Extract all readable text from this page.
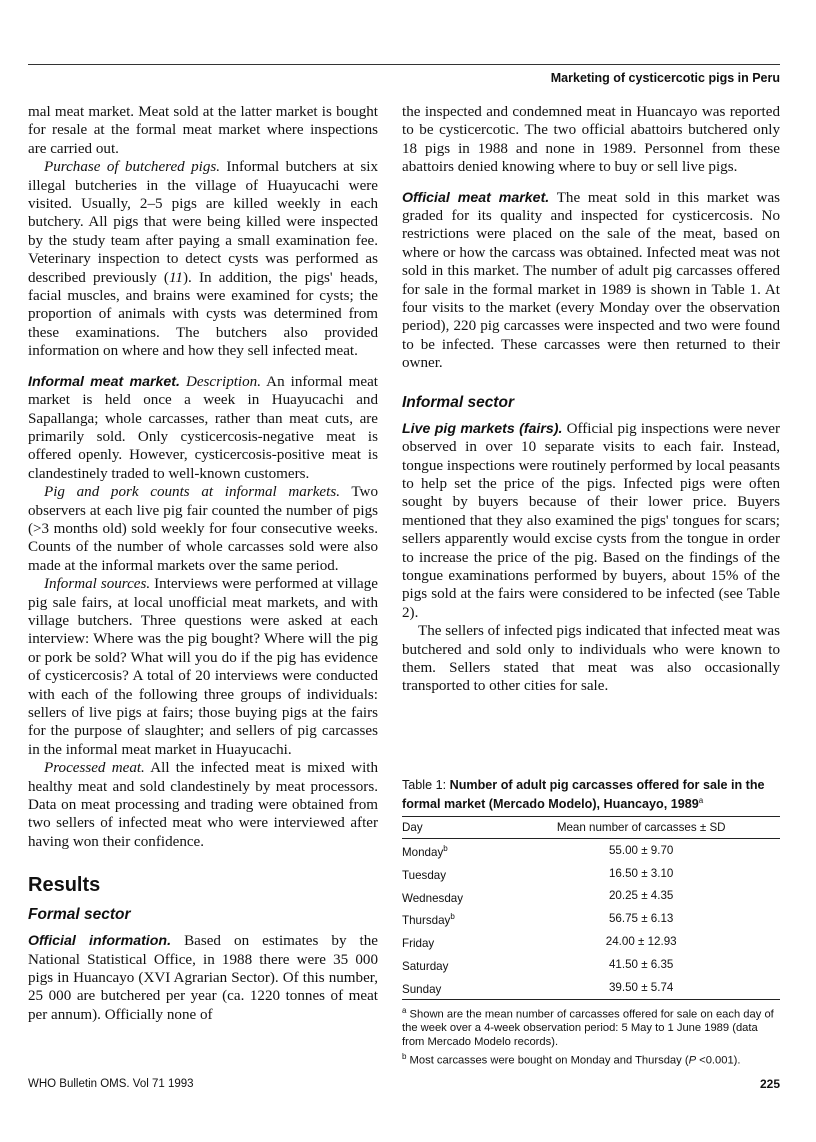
Marketing of cysticercotic pigs in Peru

mal meat market. Meat sold at the latter market is bought for resale at the formal meat market where inspections are carried out.

Purchase of butchered pigs. Informal butchers at six illegal butcheries in the village of Huayucachi were visited. Usually, 2–5 pigs are killed weekly in each butchery. All pigs that were being killed were inspected by the study team after paying a small examination fee. Veterinary inspection to detect cysts was performed as described previously (11). In addition, the pigs' heads, facial muscles, and brains were examined for cysts; the proportion of animals with cysts was determined from these examinations. The butchers also provided information on where and how they sell infected meat.

Informal meat market. Description. An informal meat market is held once a week in Huayucachi and Sapallanga; whole carcasses, rather than meat cuts, are primarily sold. Only cysticercosis-negative meat is offered openly. However, cysticercosis-positive meat is clandestinely traded to well-known customers.

Pig and pork counts at informal markets. Two observers at each live pig fair counted the number of pigs (>3 months old) sold weekly for four consecutive weeks. Counts of the number of whole carcasses sold were also made at the informal markets over the same period.

Informal sources. Interviews were performed at village pig sale fairs, at local unofficial meat markets, and with village butchers. Three questions were asked at each interview: Where was the pig bought? Where will the pig or pork be sold? What will you do if the pig has evidence of cysticercosis? A total of 20 interviews were conducted with each of the following three groups of individuals: sellers of live pigs at fairs; those buying pigs at the fairs for the purpose of slaughter; and sellers of pig carcasses in the informal meat market in Huayucachi.

Processed meat. All the infected meat is mixed with healthy meat and sold clandestinely by meat processors. Data on meat processing and trading were obtained from two sellers of infected meat who were interviewed after having won their confidence.

Results
Formal sector

Official information. Based on estimates by the National Statistical Office, in 1988 there were 35 000 pigs in Huancayo (XVI Agrarian Sector). Of this number, 25 000 are butchered per year (ca. 1220 tonnes of meat per annum). Officially none of

the inspected and condemned meat in Huancayo was reported to be cysticercotic. The two official abattoirs butchered only 18 pigs in 1988 and none in 1989. Personnel from these abattoirs denied knowing where to buy or sell live pigs.

Official meat market. The meat sold in this market was graded for its quality and inspected for cysticercosis. No restrictions were placed on the sale of the meat, based on where or how the carcass was obtained. Infected meat was not sold in this market. The number of adult pig carcasses offered for sale in the formal market in 1989 is shown in Table 1. At four visits to the market (every Monday over the observation period), 220 pig carcasses were inspected and two were found to be infected. These carcasses were then returned to their owner.

Informal sector

Live pig markets (fairs). Official pig inspections were never observed in over 10 separate visits to each fair. Instead, tongue inspections were routinely performed by local peasants to help set the price of the pigs. Infected pigs were often sought by buyers because of their lower price. Buyers mentioned that they also examined the pigs' tongues for scars; sellers apparently would excise cysts from the tongue in order to increase the price of the pig. Based on the findings of the tongue examinations performed by buyers, about 15% of the pigs sold at the fairs were considered to be infected (see Table 2).

The sellers of infected pigs indicated that infected meat was butchered and sold only to individuals who were known to them. Sellers stated that meat was also occasionally transported to other cities for sale.

Table 1: Number of adult pig carcasses offered for sale in the formal market (Mercado Modelo), Huancayo, 1989$^a$
Day	Mean number of carcasses ± SD
Monday$^b$	55.00 ± 9.70
Tuesday	16.50 ± 3.10
Wednesday	20.25 ± 4.35
Thursday$^b$	56.75 ± 6.13
Friday	24.00 ± 12.93
Saturday	41.50 ± 6.35
Sunday	39.50 ± 5.74
$^a$ Shown are the mean number of carcasses offered for sale on each day of the week over a 4-week observation period: 5 May to 1 June 1989 (data from Mercado Modelo records).
$^b$ Most carcasses were bought on Monday and Thursday (P <0.001).
WHO Bulletin OMS. Vol 71 1993	225
